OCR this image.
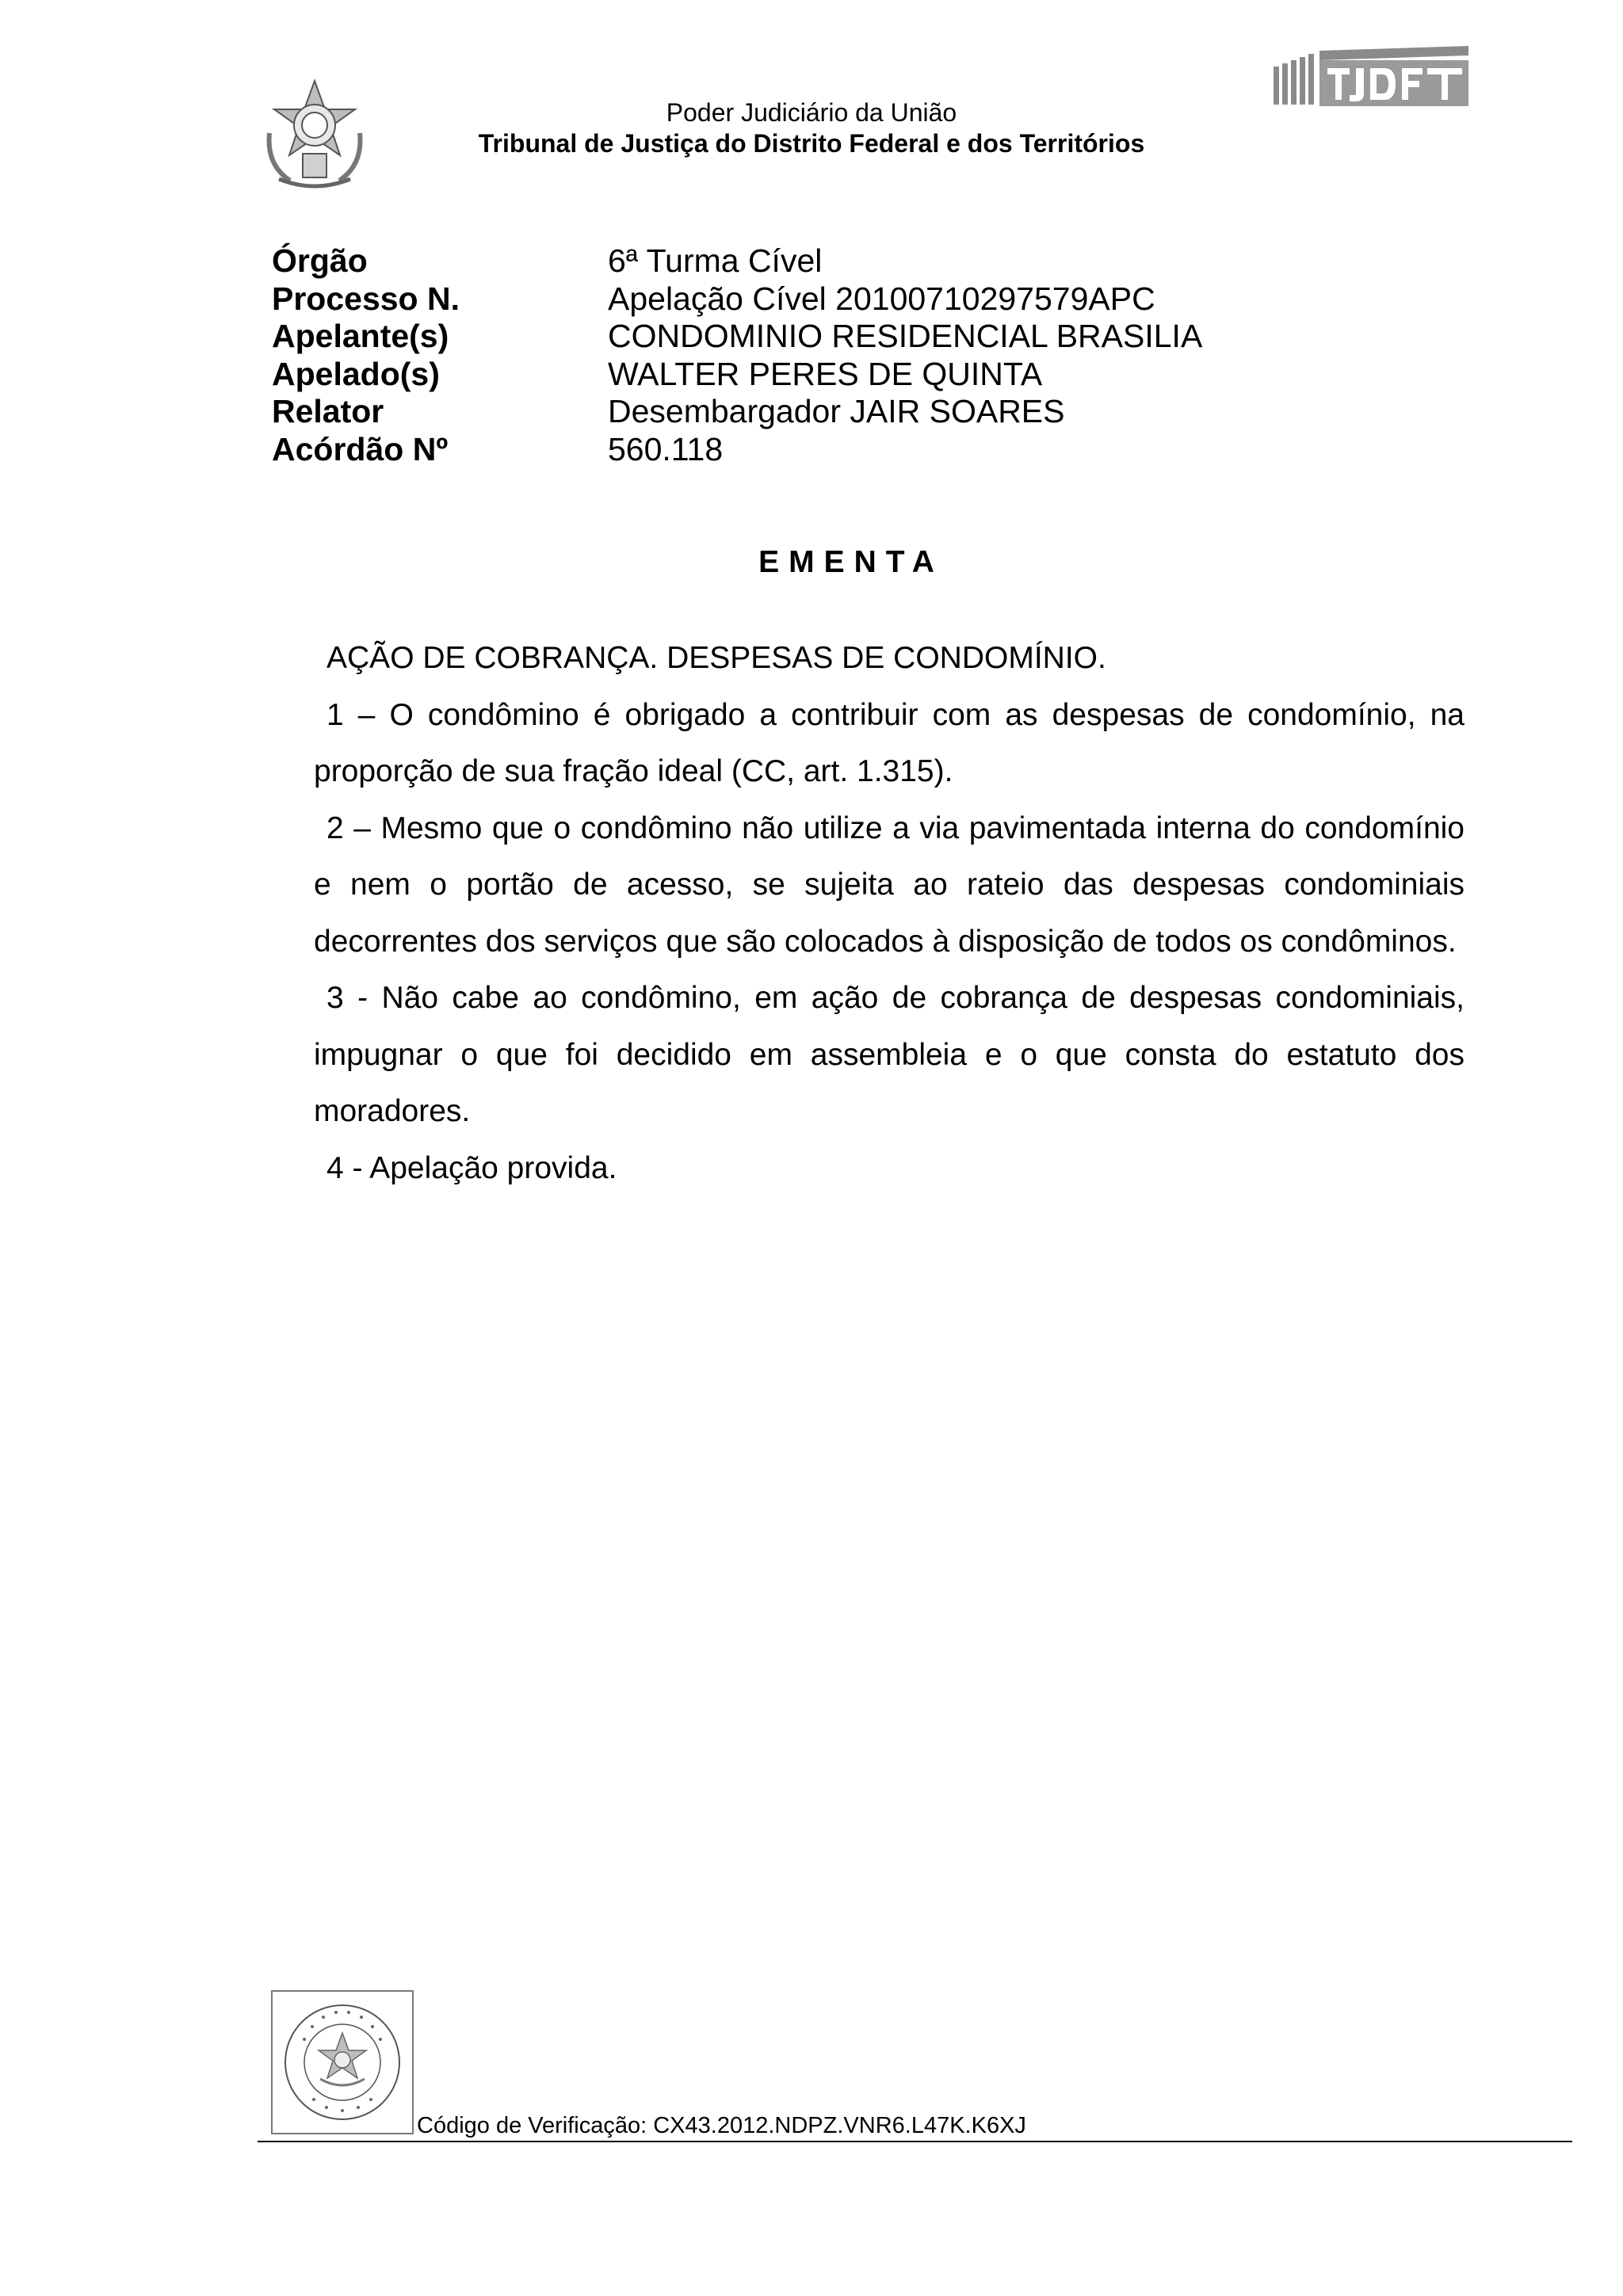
Poder Judiciário da União
Tribunal de Justiça do Distrito Federal e dos Territórios
Órgão	6ª Turma Cível
Processo N.	Apelação Cível 20100710297579APC
Apelante(s)	CONDOMINIO RESIDENCIAL BRASILIA
Apelado(s)	WALTER PERES DE QUINTA
Relator	Desembargador JAIR SOARES
Acórdão Nº	560.118
EMENTA

AÇÃO DE COBRANÇA. DESPESAS DE CONDOMÍNIO.

1 – O condômino é obrigado a contribuir com as despesas de condomínio, na proporção de sua fração ideal (CC, art. 1.315).

2 – Mesmo que o condômino não utilize a via pavimentada interna do condomínio e nem o portão de acesso, se sujeita ao rateio das despesas condominiais decorrentes dos serviços que são colocados à disposição de todos os condôminos.

3 - Não cabe ao condômino, em ação de cobrança de despesas condominiais, impugnar o que foi decidido em assembleia e o que consta do estatuto dos moradores.

4 - Apelação provida.

Código de Verificação: CX43.2012.NDPZ.VNR6.L47K.K6XJ
